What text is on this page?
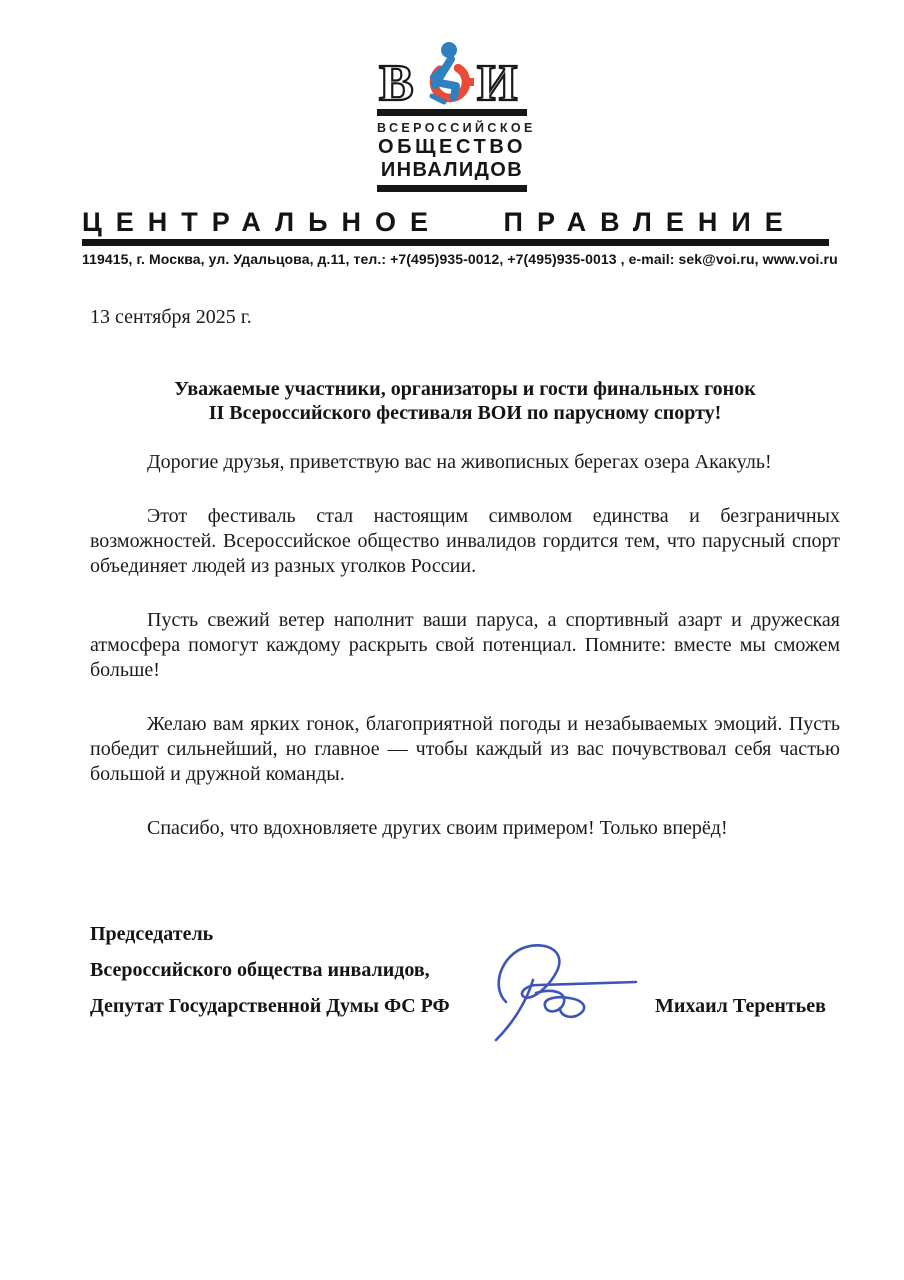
В И
ВСЕРОССИЙСКОЕ
ОБЩЕСТВО
ИНВАЛИДОВ
ЦЕНТРАЛЬНОЕ ПРАВЛЕНИЕ
119415, г. Москва, ул. Удальцова, д.11, тел.: +7(495)935-0012, +7(495)935-0013 , e-mail: sek@voi.ru, www.voi.ru
13 сентября 2025 г.
Уважаемые участники, организаторы и гости финальных гонок
II Всероссийского фестиваля ВОИ по парусному спорту!

Дорогие друзья, приветствую вас на живописных берегах озера Акакуль!

Этот фестиваль стал настоящим символом единства и безграничных возможностей. Всероссийское общество инвалидов гордится тем, что парусный спорт объединяет людей из разных уголков России.

Пусть свежий ветер наполнит ваши паруса, а спортивный азарт и дружеская атмосфера помогут каждому раскрыть свой потенциал. Помните: вместе мы сможем больше!

Желаю вам ярких гонок, благоприятной погоды и незабываемых эмоций. Пусть победит сильнейший, но главное — чтобы каждый из вас почувствовал себя частью большой и дружной команды.

Спасибо, что вдохновляете других своим примером! Только вперёд!

Председатель
Всероссийского общества инвалидов,
Депутат Государственной Думы ФС РФ	Михаил Терентьев
